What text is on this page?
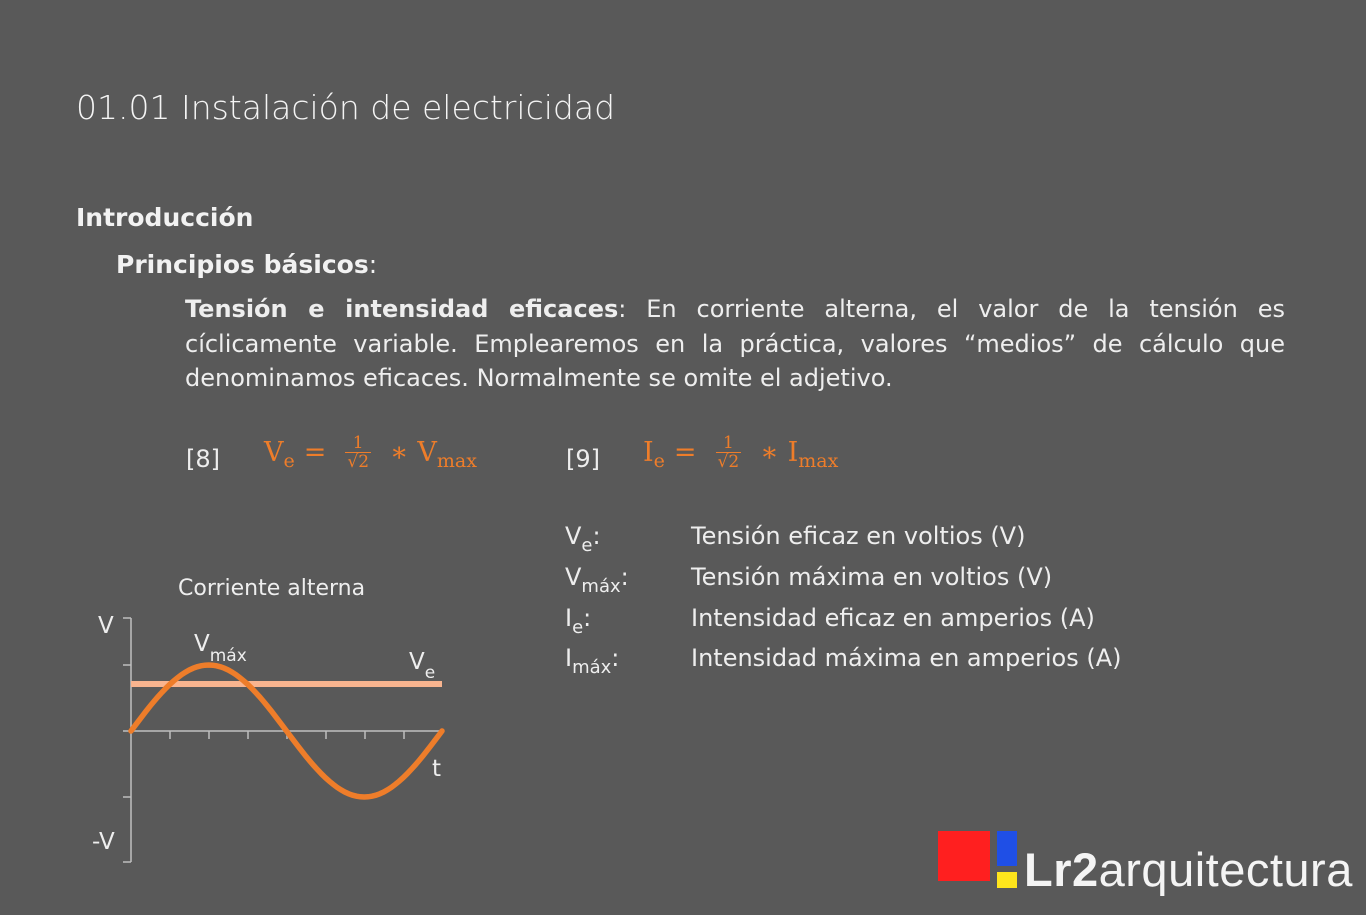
01.01 Instalación de electricidad
Introducción
Principios básicos:
Tensión e intensidad eficaces: En corriente alterna, el valor de la tensión es cíclicamente variable. Emplearemos en la práctica, valores “medios” de cálculo que denominamos eficaces. Normalmente se omite el adjetivo.
[8] $V_e = \frac{1}{√2}$ ∗ $V_{max}$	[9] $I_e = \frac{1}{√2}$ ∗ $I_{max}$
$V_e$:	Tensión eficaz en voltios (V)
$V_{máx}$:	Tensión máxima en voltios (V)
$I_e$:	Intensidad eficaz en amperios (A)
$I_{máx}$:	Intensidad máxima en amperios (A)
Corriente alterna
V
-V
t
$V_{máx}$	$V_e$
Lr2arquitectura
